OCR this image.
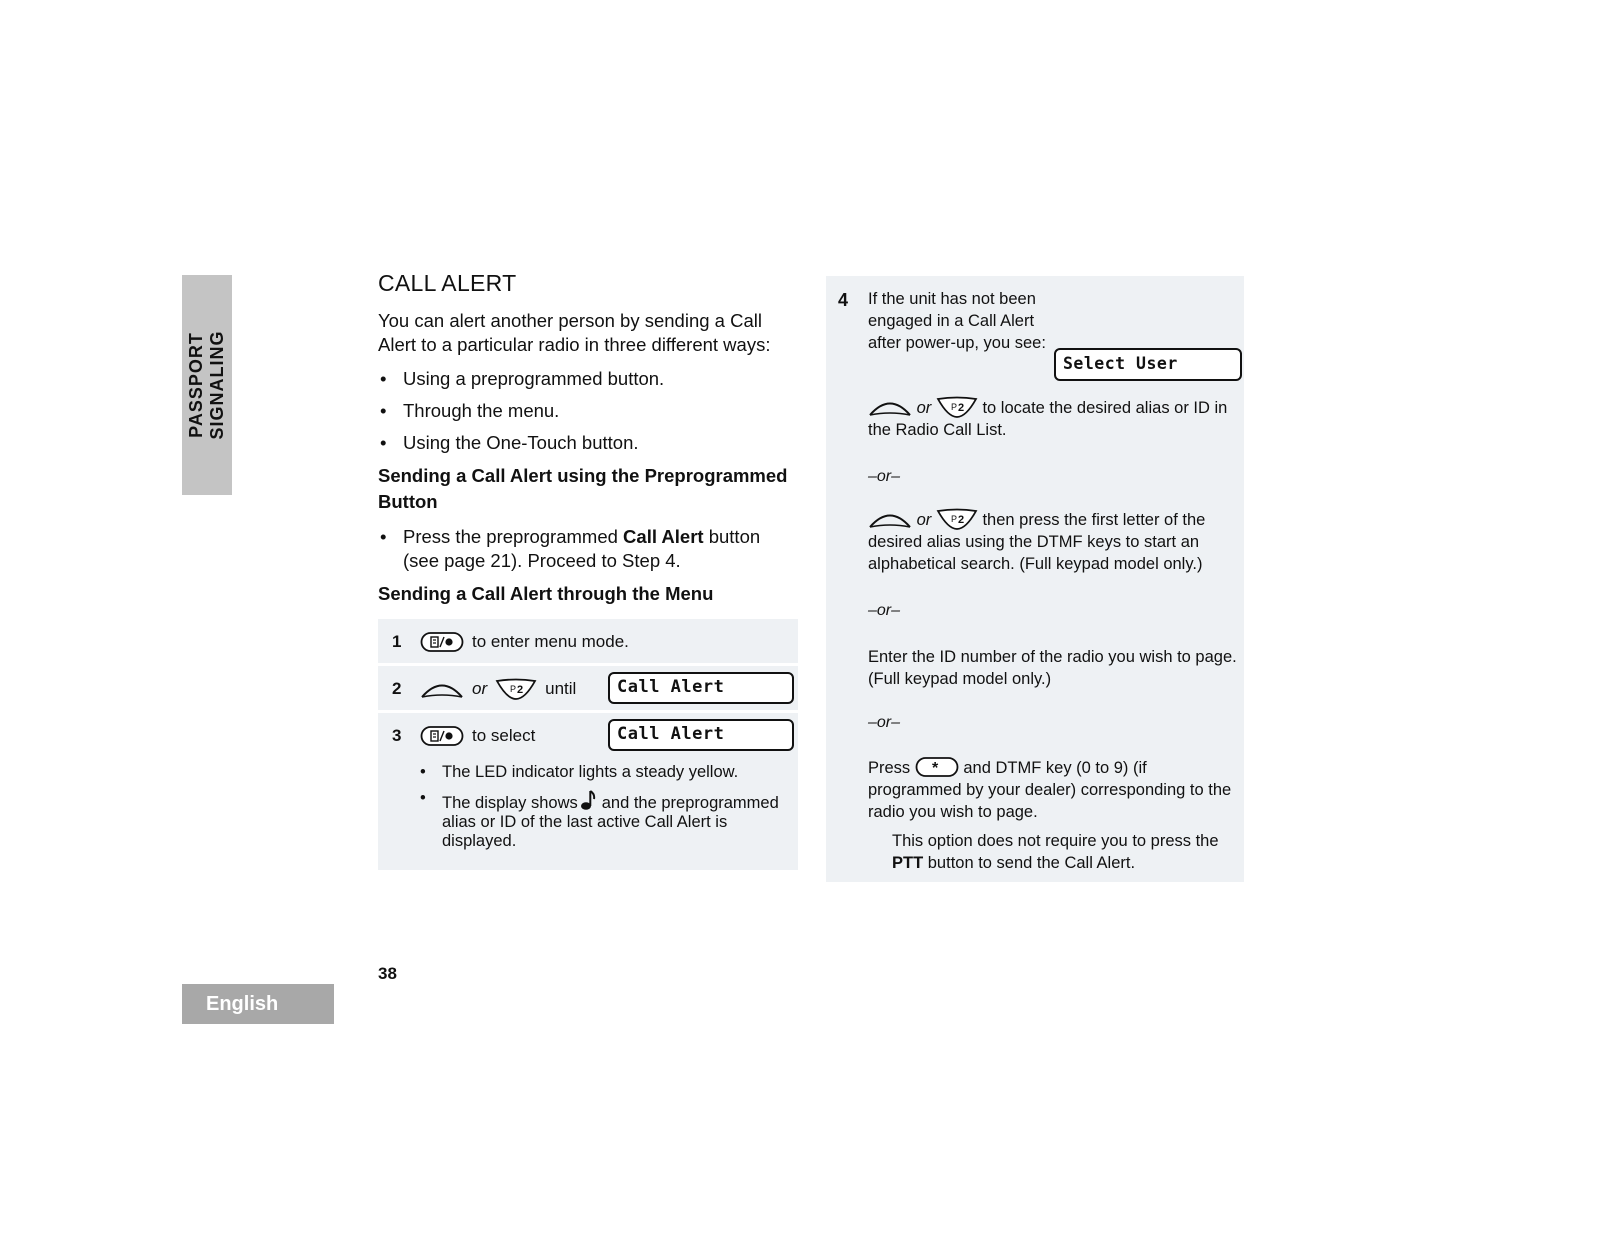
PASSPORT SIGNALING
English
38
CALL ALERT

You can alert another person by sending a Call Alert to a particular radio in three different ways:

• Using a preprogrammed button.
• Through the menu.
• Using the One-Touch button.
Sending a Call Alert using the Preprogrammed Button
• Press the preprogrammed Call Alert button (see page 21). Proceed to Step 4.
Sending a Call Alert through the Menu
1	to enter menu mode.
2	or	P 2 until	Call Alert
3	to select	Call Alert
• The LED indicator lights a steady yellow.
• The display shows and the preprogrammed alias or ID of the last active Call Alert is displayed.
4 If the unit has not been engaged in a Call Alert after power-up, you see:
Select User
or P 2 to locate the desired alias or ID in the Radio Call List.
–or–
or P 2 then press the first letter of the desired alias using the DTMF keys to start an alphabetical search. (Full keypad model only.)
–or–
Enter the ID number of the radio you wish to page. (Full keypad model only.)
–or–
Press * and DTMF key (0 to 9) (if programmed by your dealer) corresponding to the radio you wish to page.
This option does not require you to press the PTT button to send the Call Alert.
